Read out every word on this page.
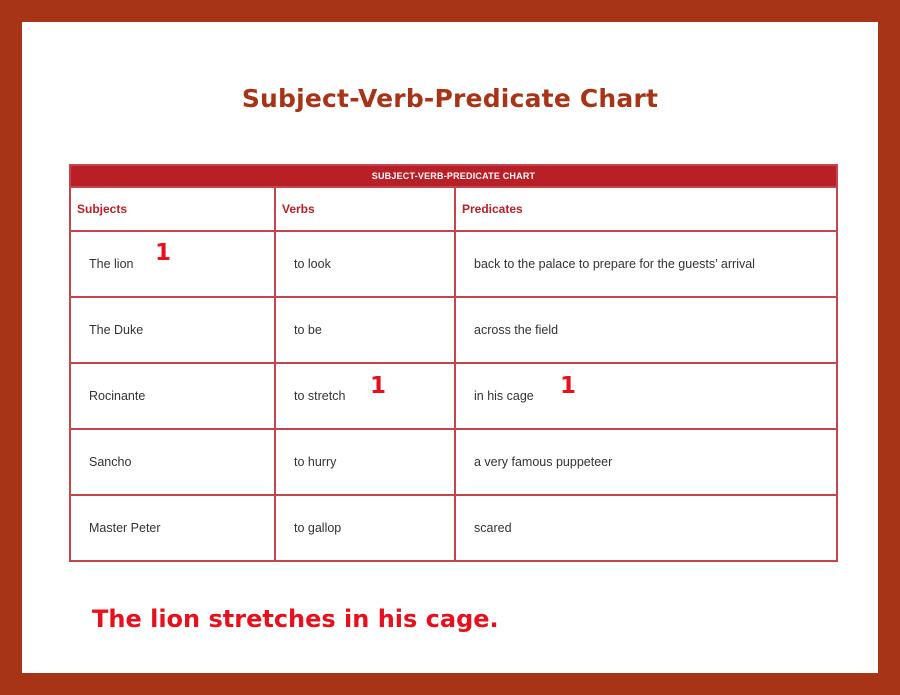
Subject-Verb-Predicate Chart
SUBJECT-VERB-PREDICATE CHART		
Subjects	Verbs	Predicates
The lion 1	to look	back to the palace to prepare for the guests’ arrival
The Duke	to be	across the field
Rocinante	to stretch 1	in his cage 1

Sancho	to hurry	a very famous puppeteer
Master Peter	to gallop	scared
The lion stretches in his cage.
